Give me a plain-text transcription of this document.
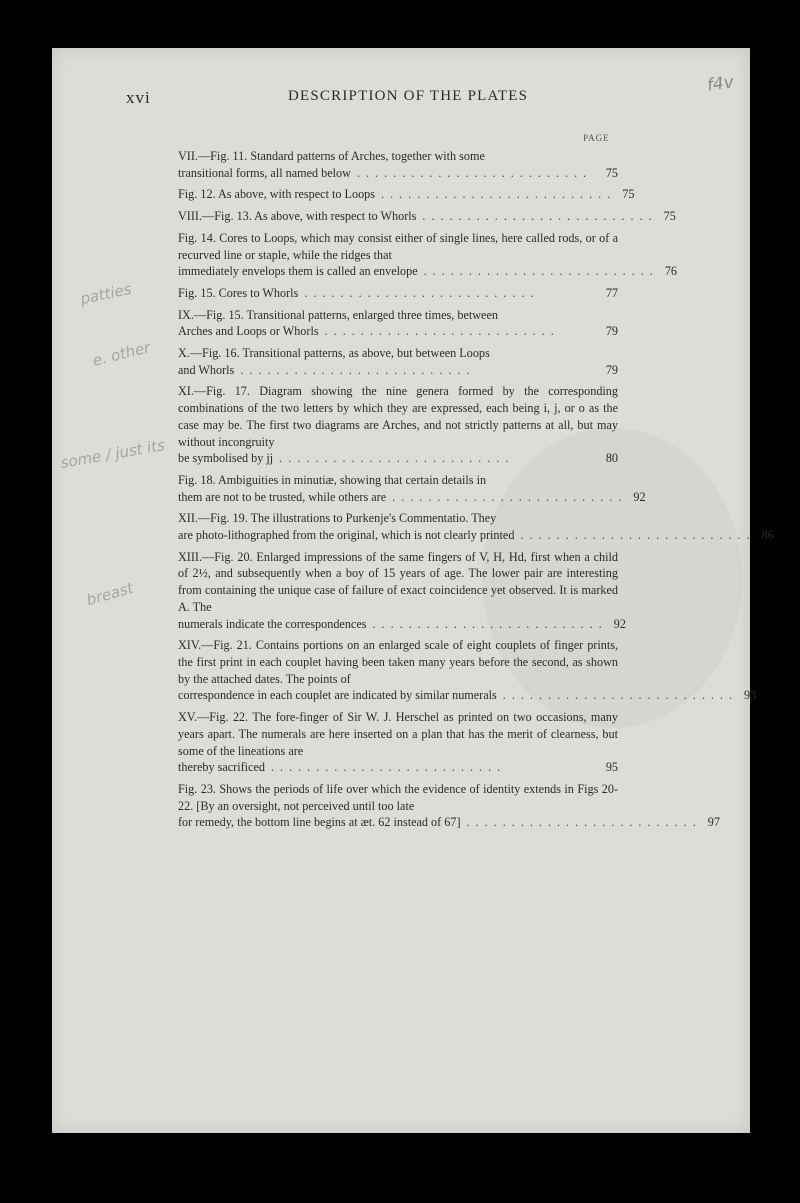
f4v
patties
e. other
some / just its
breast
xvi	DESCRIPTION OF THE PLATES
PAGE

VII.—Fig. 11. Standard patterns of Arches, together with some

transitional forms, all named below ..........................	75
Fig. 12. As above, with respect to Loops .......................... 75
VIII.—Fig. 13. As above, with respect to Whorls .......................... 75

Fig. 14. Cores to Loops, which may consist either of single lines, here called rods, or of a recurved line or staple, while the ridges that

immediately envelops them is called an envelope .......................... 76
Fig. 15. Cores to Whorls ..........................	77

IX.—Fig. 15. Transitional patterns, enlarged three times, between

Arches and Loops or Whorls ..........................	79

X.—Fig. 16. Transitional patterns, as above, but between Loops

and Whorls ..........................	79

XI.—Fig. 17. Diagram showing the nine genera formed by the corresponding combinations of the two letters by which they are expressed, each being i, j, or o as the case may be. The first two diagrams are Arches, and not strictly patterns at all, but may without incongruity

be symbolised by jj ..........................	80

Fig. 18. Ambiguities in minutiæ, showing that certain details in

them are not to be trusted, while others are .......................... 92

XII.—Fig. 19. The illustrations to Purkenje's Commentatio. They

are photo-lithographed from the original, which is not clearly printed .......................... 86

XIII.—Fig. 20. Enlarged impressions of the same fingers of V, H, Hd, first when a child of 2½, and subsequently when a boy of 15 years of age. The lower pair are interesting from containing the unique case of failure of exact coincidence yet observed. It is marked A. The

numerals indicate the correspondences .......................... 92

XIV.—Fig. 21. Contains portions on an enlarged scale of eight couplets of finger prints, the first print in each couplet having been taken many years before the second, as shown by the attached dates. The points of

correspondence in each couplet are indicated by similar numerals .......................... 93

XV.—Fig. 22. The fore-finger of Sir W. J. Herschel as printed on two occasions, many years apart. The numerals are here inserted on a plan that has the merit of clearness, but some of the lineations are

thereby sacrificed ..........................	95

Fig. 23. Shows the periods of life over which the evidence of identity extends in Figs 20-22. [By an oversight, not perceived until too late

for remedy, the bottom line begins at æt. 62 instead of 67] .......................... 97
